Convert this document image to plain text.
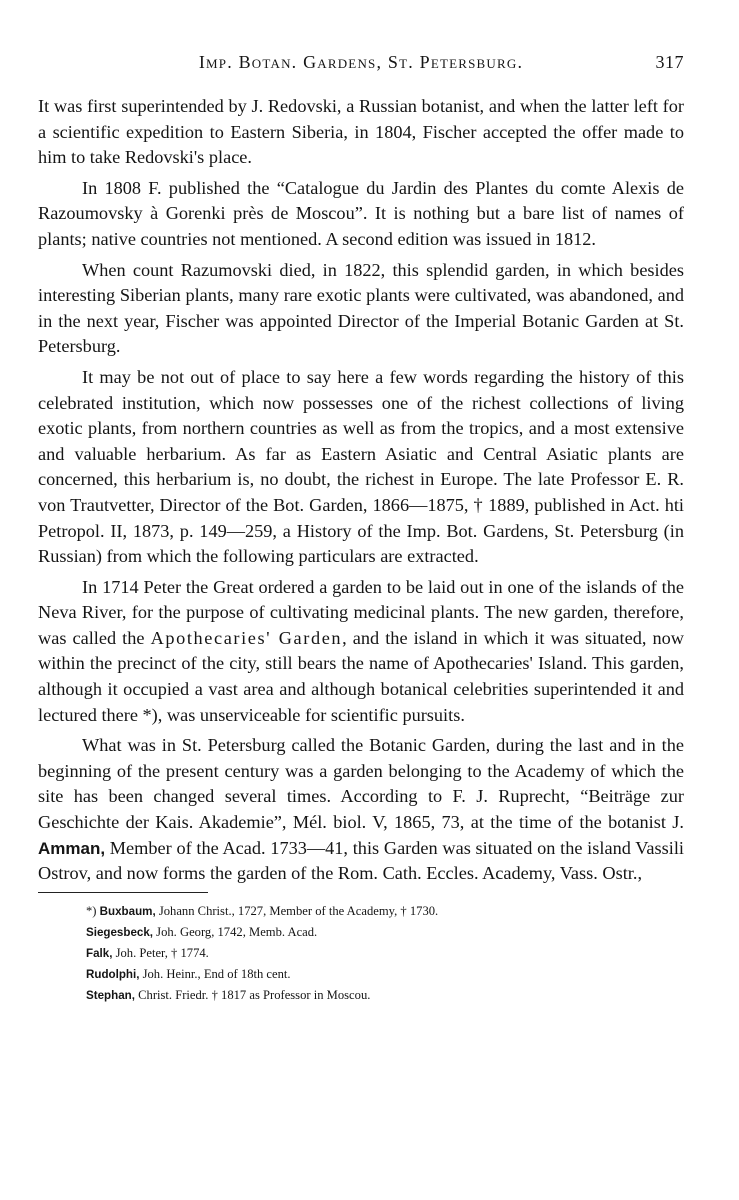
Imp. Botan. Gardens, St. Petersburg.	317

It was first superintended by J. Redovski, a Russian botanist, and when the latter left for a scientific expedition to Eastern Siberia, in 1804, Fischer accepted the offer made to him to take Redovski's place.

In 1808 F. published the “Catalogue du Jardin des Plantes du comte Alexis de Razoumovsky à Gorenki près de Moscou”. It is nothing but a bare list of names of plants; native countries not mentioned. A second edition was issued in 1812.

When count Razumovski died, in 1822, this splendid garden, in which besides interesting Siberian plants, many rare exotic plants were cultivated, was abandoned, and in the next year, Fischer was appointed Director of the Imperial Botanic Garden at St. Petersburg.

It may be not out of place to say here a few words regarding the history of this celebrated institution, which now possesses one of the richest collections of living exotic plants, from northern countries as well as from the tropics, and a most extensive and valuable herbarium. As far as Eastern Asiatic and Central Asiatic plants are concerned, this herbarium is, no doubt, the richest in Europe. The late Professor E. R. von Trautvetter, Director of the Bot. Garden, 1866—1875, † 1889, published in Act. hti Petropol. II, 1873, p. 149—259, a History of the Imp. Bot. Gardens, St. Petersburg (in Russian) from which the following particulars are extracted.

In 1714 Peter the Great ordered a garden to be laid out in one of the islands of the Neva River, for the purpose of cultivating medicinal plants. The new garden, therefore, was called the Apothecaries' Garden, and the island in which it was situated, now within the precinct of the city, still bears the name of Apothecaries' Island. This garden, although it occupied a vast area and although botanical celebrities superintended it and lectured there *), was unserviceable for scientific pursuits.

What was in St. Petersburg called the Botanic Garden, during the last and in the beginning of the present century was a garden belonging to the Academy of which the site has been changed several times. According to F. J. Ruprecht, “Beiträge zur Geschichte der Kais. Akademie”, Mél. biol. V, 1865, 73, at the time of the botanist J. Amman, Member of the Acad. 1733—41, this Garden was situated on the island Vassili Ostrov, and now forms the garden of the Rom. Cath. Eccles. Academy, Vass. Ostr.,

*) Buxbaum, Johann Christ., 1727, Member of the Academy, † 1730.

Siegesbeck, Joh. Georg, 1742, Memb. Acad.

Falk, Joh. Peter, † 1774.

Rudolphi, Joh. Heinr., End of 18th cent.

Stephan, Christ. Friedr. † 1817 as Professor in Moscou.
